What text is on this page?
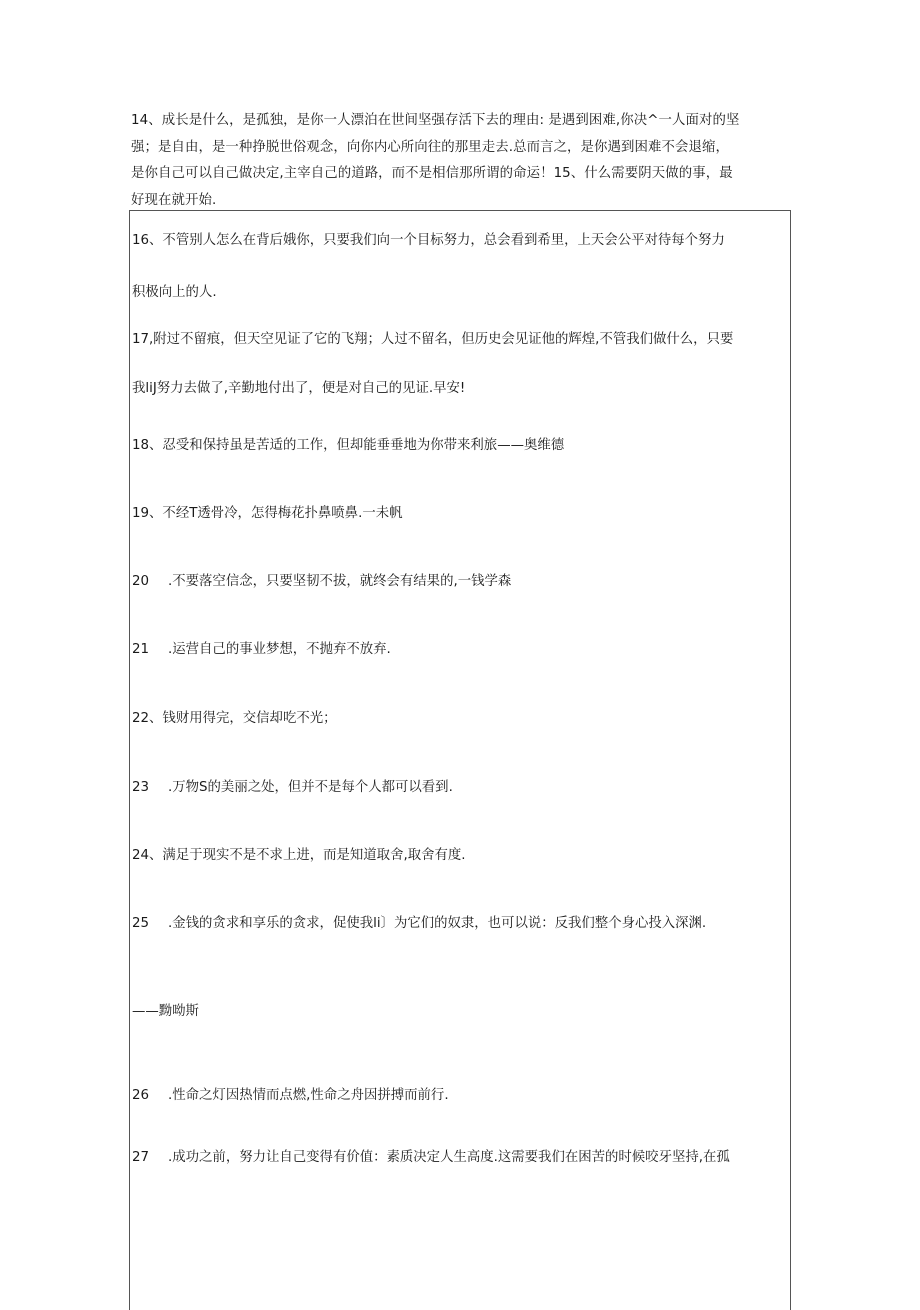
14、成长是什么，是孤独，是你一人漂泊在世间坚强存活下去的理由: 是遇到困难,你决^一人面对的坚

强；是自由，是一种挣脱世俗观念，向你内心所向往的那里走去.总而言之，是你遇到困难不会退缩，

是你自己可以自己做决定,主宰自己的道路，而不是相信那所谓的命运！15、什么需要阴天做的事，最

好现在就开始.

16、不管别人怎么在背后娥你，只要我们向一个目标努力，总会看到希里，上天会公平对待每个努力
积极向上的人.
17,附过不留痕，但天空见证了它的飞翔；人过不留名，但历史会见证他的辉煌,不管我们做什么，只要
我liJ努力去做了,辛勤地付出了，便是对自己的见证.早安!
18、忍受和保持虽是苦适的工作，但却能垂垂地为你带来利旅——奥维德
19、不经T透骨冷，怎得梅花扑鼻喷鼻.一未帆
20 .不要落空信念，只要坚韧不拔，就终会有结果的,一钱学森
21 .运营自己的事业梦想，不抛弃不放弃.
22、钱财用得完，交信却吃不光；
23 .万物S的美丽之处，但并不是每个人都可以看到.
24、满足于现实不是不求上进，而是知道取舍,取舍有度.
25 .金钱的贪求和享乐的贪求，促使我li〕为它们的奴隶，也可以说：反我们整个身心投入深渊.
——黝呦斯
26 .性命之灯因热情而点燃,性命之舟因拼搏而前行.
27 .成功之前，努力让自己变得有价值：素质决定人生高度.这需要我们在困苦的时候咬牙坚持,在孤
